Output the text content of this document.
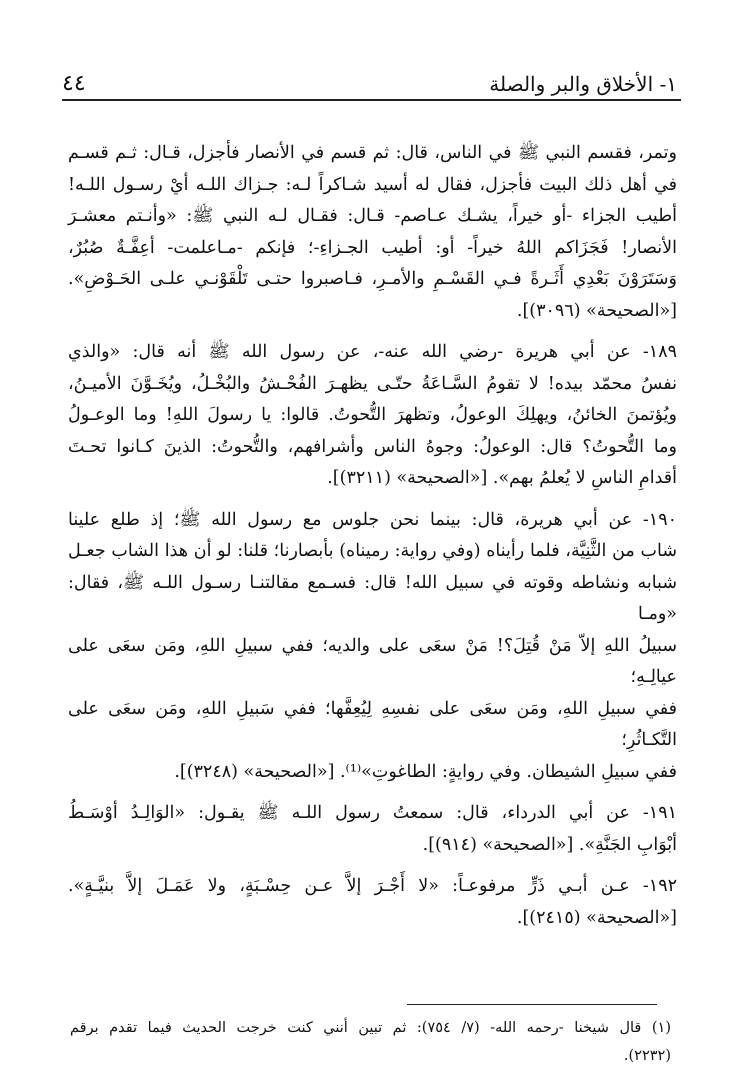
١- الأخلاق والبر والصلة
٤٤

وتمر، فقسم النبي ﷺ في الناس، قال: ثم قسم في الأنصار فأجزل، قـال: ثـم قسـم
في أهل ذلك البيت فأجزل، فقال له أسيد شـاكراً لـه: جـزاك اللـه أيْ رسـول اللـه!
أطيب الجزاء -أو خيراً، يشـك عـاصم- قـال: فقـال لـه النبي ﷺ: «وأنـتم معشـرَ
الأنصار! فَجَزَاكم اللهُ خيراً- أو: أطيب الجـزاءِ-؛ فإنكم -مـاعلمت- أعِفَّـةٌ صُبُرٌ،
وَسَتَرَوْنَ بَعْدِي أَثَـرةً فـي القَسْـمِ والأمـرِ، فـاصبروا حتـى تَلْقَوْنـي علـى الحَـوْضِ».
[«الصحيحة» (٣٠٩٦)].

١٨٩- عن أبي هريرة -رضي الله عنه-، عن رسول الله ﷺ أنه قال: «والذي
نفسُ محمّد بيده! لا تقومُ السَّـاعَةُ حتّـى يظهـرَ الفُحْـشُ والبُخْـلُ، ويُخَـوَّنَ الأميـنُ،
ويُؤتمنَ الخائنُ، ويهلِكَ الوعولُ، وتظهرَ التُّحوتُ. قالوا: يا رسولَ اللهِ! وما الوعـولُ
وما التُّحوتُ؟ قال: الوعولُ: وجوهُ الناس وأشرافهم، والتُّحوتُ: الذينَ كـانوا تحـتَ
أقدامِ الناسِ لا يُعلمُ بهم». [«الصحيحة» (٣٢١١)].

١٩٠- عن أبي هريرة، قال: بينما نحن جلوس مع رسول الله ﷺ؛ إذ طلع علينا
شاب من الثَّنِيَّة، فلما رأيناه (وفي رواية: رميناه) بأبصارنا؛ قلنا: لو أن هذا الشاب جعـل
شبابه ونشاطه وقوته في سبيل الله! قال: فسـمع مقالتنـا رسـول اللـه ﷺ، فقال: «ومـا
سبيلُ اللهِ إلاّ مَنْ قُتِلَ؟! مَنْ سعَى على والديه؛ ففي سبيلِ اللهِ، ومَن سعَى على عيالِـهِ؛
ففي سبيلِ اللهِ، ومَن سعَى على نفسِهِ لِيُعِفَّها؛ ففي سَبيلِ اللهِ، ومَن سعَى على التَّكـاثُرِ؛
ففي سبيلِ الشيطان. وفي روايةٍ: الطاغوتِ»⁽¹⁾. [«الصحيحة» (٣٢٤٨)].

١٩١- عن أبي الدرداء، قال: سمعتُ رسول اللـه ﷺ يقـول: «الوَالِـدُ أوْسَـطُ
أبْوَابِ الجَنَّةِ». [«الصحيحة» (٩١٤)].

١٩٢- عـن أبـي ذَرٍّ مرفوعـاً: «لا أَجْـرَ إلاَّ عـن حِسْـبَةٍ، ولا عَمَـلَ إلاَّ بنيَّـةٍ».
[«الصحيحة» (٢٤١٥)].

(١) قال شيخنا -رحمه الله- (٧/ ٧٥٤): ثم تبين أنني كنت خرجت الحديث فيما تقدم برقم
(٢٢٣٢).
